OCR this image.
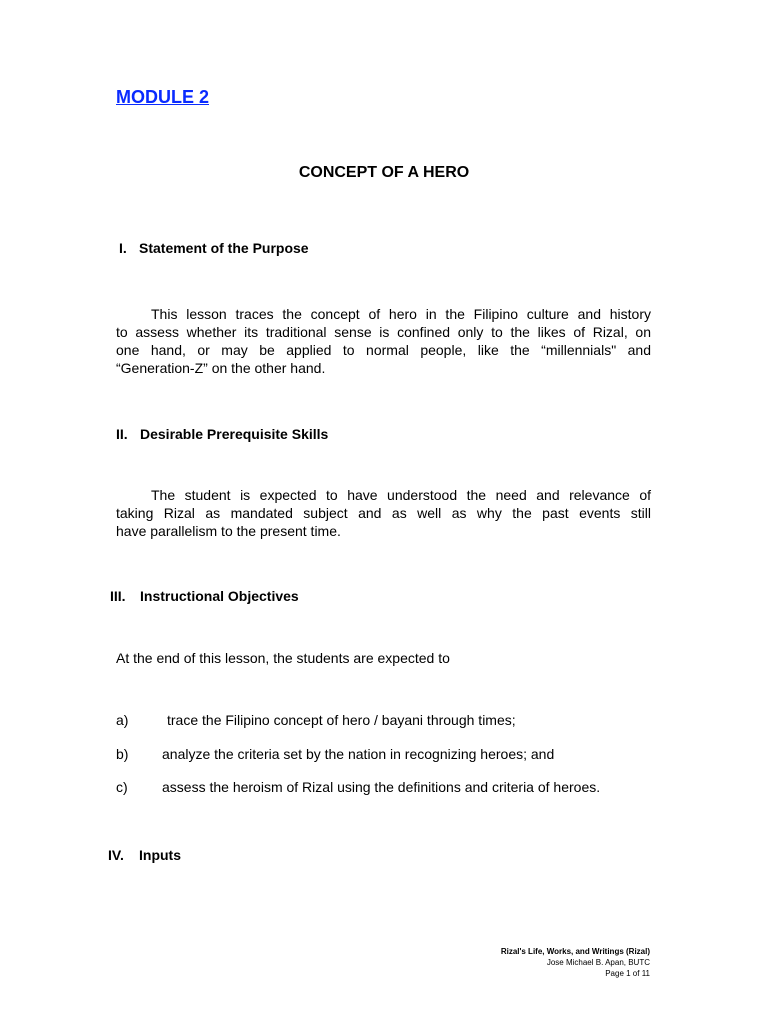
MODULE 2
CONCEPT OF A HERO
I. Statement of the Purpose
This lesson traces the concept of hero in the Filipino culture and history
to assess whether its traditional sense is confined only to the likes of Rizal, on
one hand, or may be applied to normal people, like the “millennials" and
“Generation-Z” on the other hand.
II. Desirable Prerequisite Skills
The student is expected to have understood the need and relevance of
taking Rizal as mandated subject and as well as why the past events still
have parallelism to the present time.
III. Instructional Objectives
At the end of this lesson, the students are expected to
a)	trace the Filipino concept of hero / bayani through times;
b) analyze the criteria set by the nation in recognizing heroes; and
c) assess the heroism of Rizal using the definitions and criteria of heroes.
IV. Inputs
Rizal's Life, Works, and Writings (Rizal)
Jose Michael B. Apan, BUTC
Page 1 of 11
